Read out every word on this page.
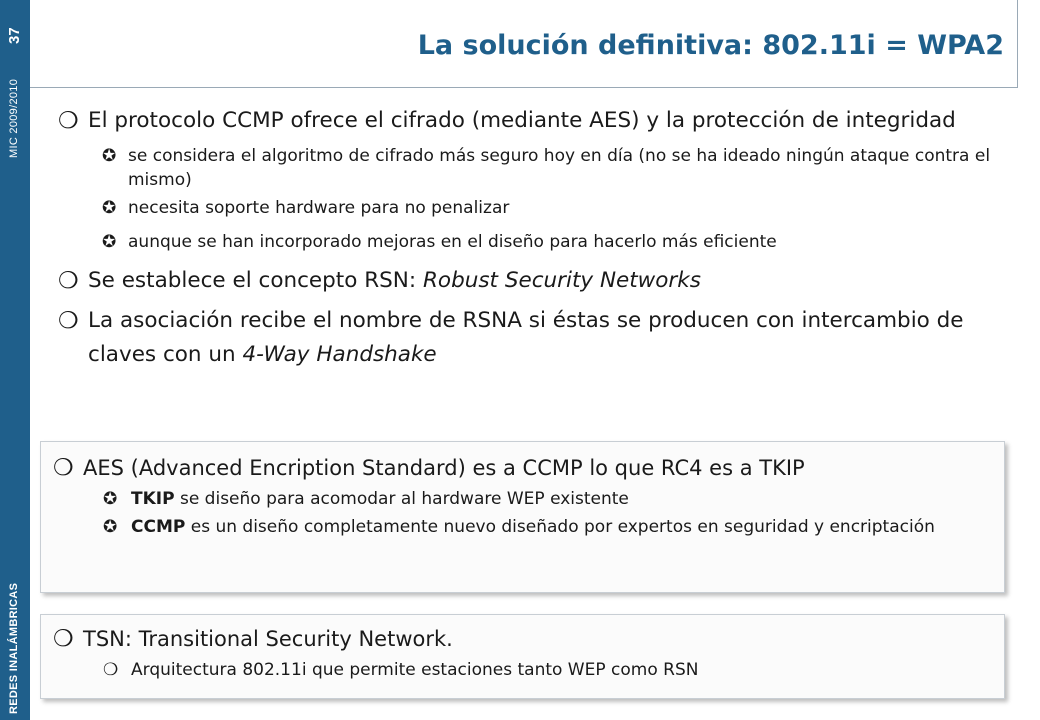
REDES INALÁMBRICAS
MIC 2009/2010
37	La solución definitiva: 802.11i = WPA2
❍ El protocolo CCMP ofrece el cifrado (mediante AES) y la protección de integridad
✪ se considera el algoritmo de cifrado más seguro hoy en día (no se ha ideado ningún ataque contra el mismo)
✪ necesita soporte hardware para no penalizar
✪ aunque se han incorporado mejoras en el diseño para hacerlo más eficiente
❍ Se establece el concepto RSN: Robust Security Networks
❍ La asociación recibe el nombre de RSNA si éstas se producen con intercambio de claves con un 4-Way Handshake
❍ AES (Advanced Encription Standard) es a CCMP lo que RC4 es a TKIP
✪ TKIP se diseño para acomodar al hardware WEP existente
✪ CCMP es un diseño completamente nuevo diseñado por expertos en seguridad y encriptación
❍ TSN: Transitional Security Network.
❍ Arquitectura 802.11i que permite estaciones tanto WEP como RSN
